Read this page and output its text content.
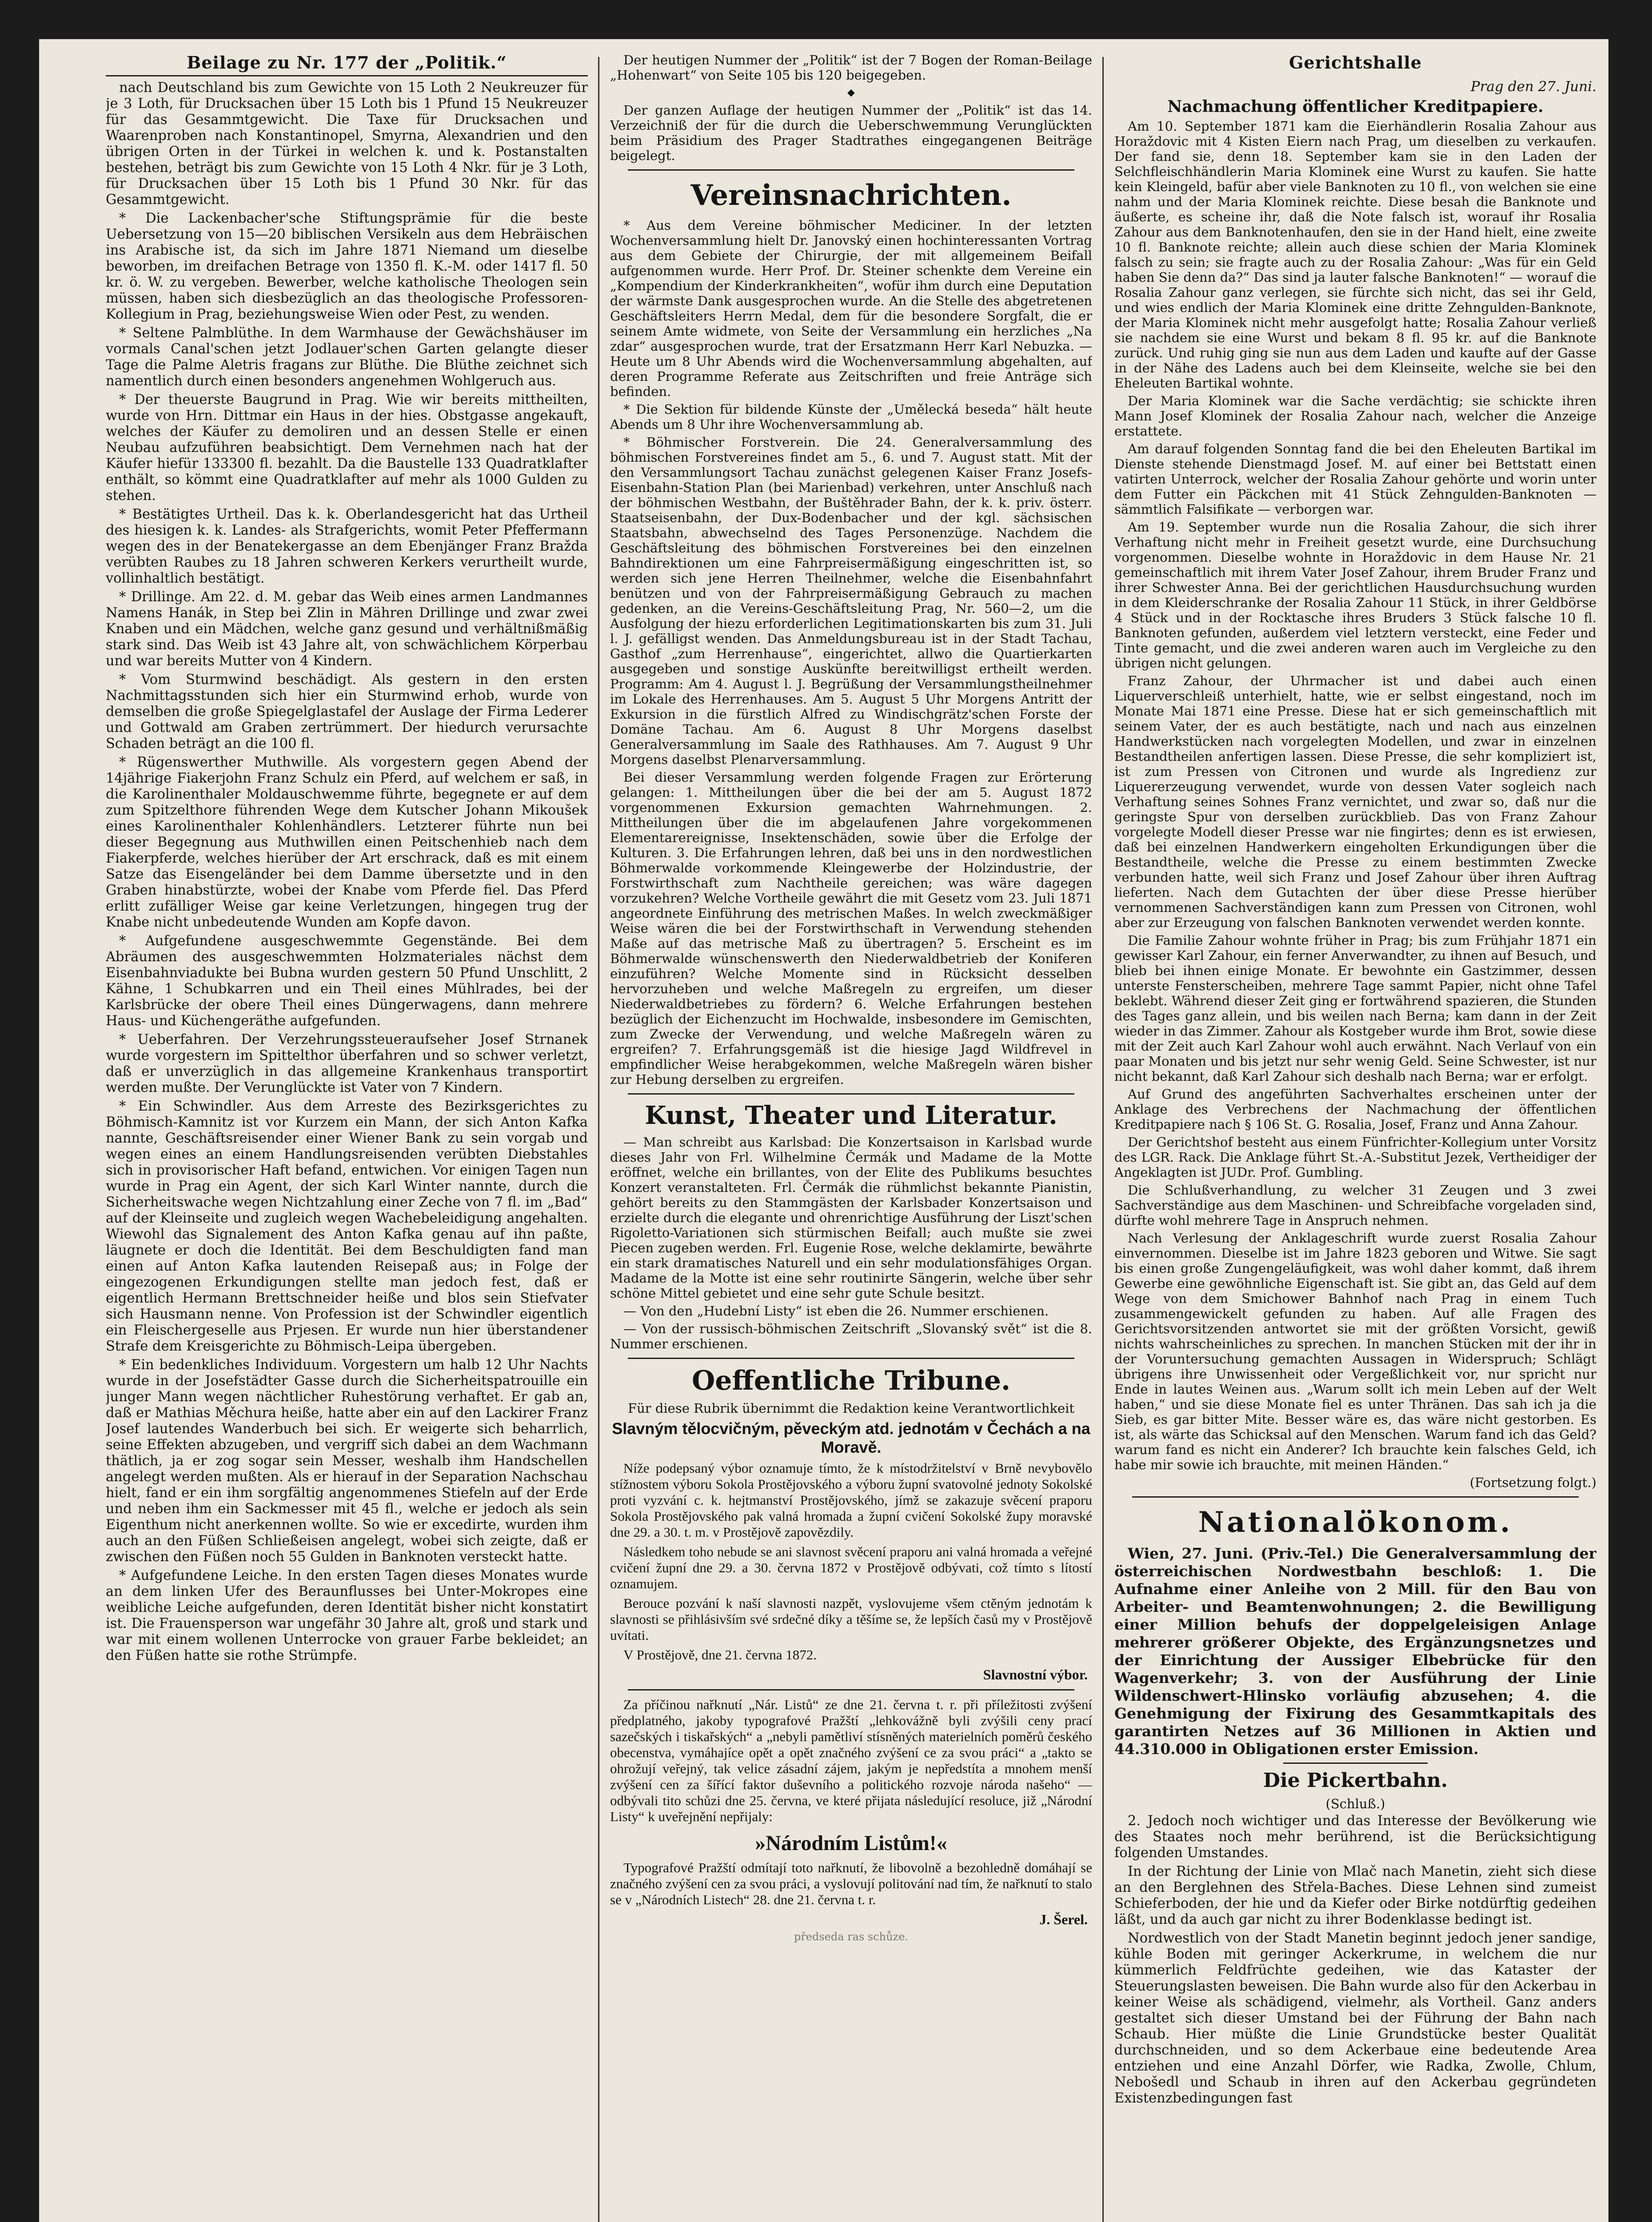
Beilage zu Nr. 177 der „Politik.“

nach Deutschland bis zum Gewichte von 15 Loth 2 Neukreuzer für je 3 Loth, für Drucksachen über 15 Loth bis 1 Pfund 15 Neukreuzer für das Gesammtgewicht. Die Taxe für Drucksachen und Waarenproben nach Konstantinopel, Smyrna, Alexandrien und den übrigen Orten in der Türkei in welchen k. und k. Postanstalten bestehen, beträgt bis zum Gewichte von 15 Loth 4 Nkr. für je 3 Loth, für Drucksachen über 15 Loth bis 1 Pfund 30 Nkr. für das Gesammtgewicht.

* Die Lackenbacher'sche Stiftungsprämie für die beste Uebersetzung von 15—20 biblischen Versikeln aus dem Hebräischen ins Arabische ist, da sich im Jahre 1871 Niemand um dieselbe beworben, im dreifachen Betrage von 1350 fl. K.-M. oder 1417 fl. 50 kr. ö. W. zu vergeben. Bewerber, welche katholische Theologen sein müssen, haben sich diesbezüglich an das theologische Professoren-Kollegium in Prag, beziehungsweise Wien oder Pest, zu wenden.

* Seltene Palmblüthe. In dem Warmhause der Gewächshäuser im vormals Canal'schen jetzt Jodlauer'schen Garten gelangte dieser Tage die Palme Aletris fragans zur Blüthe. Die Blüthe zeichnet sich namentlich durch einen besonders angenehmen Wohlgeruch aus.

* Der theuerste Baugrund in Prag. Wie wir bereits mittheilten, wurde von Hrn. Dittmar ein Haus in der hies. Obstgasse angekauft, welches der Käufer zu demoliren und an dessen Stelle er einen Neubau aufzuführen beabsichtigt. Dem Vernehmen nach hat der Käufer hiefür 133300 fl. bezahlt. Da die Baustelle 133 Quadratklafter enthält, so kömmt eine Quadratklafter auf mehr als 1000 Gulden zu stehen.

* Bestätigtes Urtheil. Das k. k. Oberlandesgericht hat das Urtheil des hiesigen k. k. Landes- als Strafgerichts, womit Peter Pfeffermann wegen des in der Benatekergasse an dem Ebenjänger Franz Bražda verübten Raubes zu 18 Jahren schweren Kerkers verurtheilt wurde, vollinhaltlich bestätigt.

* Drillinge. Am 22. d. M. gebar das Weib eines armen Landmannes Namens Hanák, in Step bei Zlin in Mähren Drillinge und zwar zwei Knaben und ein Mädchen, welche ganz gesund und verhältnißmäßig stark sind. Das Weib ist 43 Jahre alt, von schwächlichem Körperbau und war bereits Mutter von 4 Kindern.

* Vom Sturmwind beschädigt. Als gestern in den ersten Nachmittagsstunden sich hier ein Sturmwind erhob, wurde von demselben die große Spiegelglastafel der Auslage der Firma Lederer und Gottwald am Graben zertrümmert. Der hiedurch verursachte Schaden beträgt an die 100 fl.

* Rügenswerther Muthwille. Als vorgestern gegen Abend der 14jährige Fiakerjohn Franz Schulz ein Pferd, auf welchem er saß, in die Karolinenthaler Moldauschwemme führte, begegnete er auf dem zum Spitzelthore führenden Wege dem Kutscher Johann Mikoušek eines Karolinenthaler Kohlenhändlers. Letzterer führte nun bei dieser Begegnung aus Muthwillen einen Peitschenhieb nach dem Fiakerpferde, welches hierüber der Art erschrack, daß es mit einem Satze das Eisengeländer bei dem Damme übersetzte und in den Graben hinabstürzte, wobei der Knabe vom Pferde fiel. Das Pferd erlitt zufälliger Weise gar keine Verletzungen, hingegen trug der Knabe nicht unbedeutende Wunden am Kopfe davon.

* Aufgefundene ausgeschwemmte Gegenstände. Bei dem Abräumen des ausgeschwemmten Holzmateriales nächst dem Eisenbahnviadukte bei Bubna wurden gestern 50 Pfund Unschlitt, 2 Kähne, 1 Schubkarren und ein Theil eines Mühlrades, bei der Karlsbrücke der obere Theil eines Düngerwagens, dann mehrere Haus- und Küchengeräthe aufgefunden.

* Ueberfahren. Der Verzehrungssteueraufseher Josef Strnanek wurde vorgestern im Spittelthor überfahren und so schwer verletzt, daß er unverzüglich in das allgemeine Krankenhaus transportirt werden mußte. Der Verunglückte ist Vater von 7 Kindern.

* Ein Schwindler. Aus dem Arreste des Bezirksgerichtes zu Böhmisch-Kamnitz ist vor Kurzem ein Mann, der sich Anton Kafka nannte, Geschäftsreisender einer Wiener Bank zu sein vorgab und wegen eines an einem Handlungsreisenden verübten Diebstahles sich in provisorischer Haft befand, entwichen. Vor einigen Tagen nun wurde in Prag ein Agent, der sich Karl Winter nannte, durch die Sicherheitswache wegen Nichtzahlung einer Zeche von 7 fl. im „Bad“ auf der Kleinseite und zugleich wegen Wachebeleidigung angehalten. Wiewohl das Signalement des Anton Kafka genau auf ihn paßte, läugnete er doch die Identität. Bei dem Beschuldigten fand man einen auf Anton Kafka lautenden Reisepaß aus; in Folge der eingezogenen Erkundigungen stellte man jedoch fest, daß er eigentlich Hermann Brettschneider heiße und blos sein Stiefvater sich Hausmann nenne. Von Profession ist der Schwindler eigentlich ein Fleischergeselle aus Prjesen. Er wurde nun hier überstandener Strafe dem Kreisgerichte zu Böhmisch-Leipa übergeben.

* Ein bedenkliches Individuum. Vorgestern um halb 12 Uhr Nachts wurde in der Josefstädter Gasse durch die Sicherheitspatrouille ein junger Mann wegen nächtlicher Ruhestörung verhaftet. Er gab an, daß er Mathias Měchura heiße, hatte aber ein auf den Lackirer Franz Josef lautendes Wanderbuch bei sich. Er weigerte sich beharrlich, seine Effekten abzugeben, und vergriff sich dabei an dem Wachmann thätlich, ja er zog sogar sein Messer, weshalb ihm Handschellen angelegt werden mußten. Als er hierauf in der Separation Nachschau hielt, fand er ein ihm sorgfältig angenommenes Stiefeln auf der Erde und neben ihm ein Sackmesser mit 45 fl., welche er jedoch als sein Eigenthum nicht anerkennen wollte. So wie er excedirte, wurden ihm auch an den Füßen Schließeisen angelegt, wobei sich zeigte, daß er zwischen den Füßen noch 55 Gulden in Banknoten versteckt hatte.

* Aufgefundene Leiche. In den ersten Tagen dieses Monates wurde an dem linken Ufer des Beraunflusses bei Unter-Mokropes eine weibliche Leiche aufgefunden, deren Identität bisher nicht konstatirt ist. Die Frauensperson war ungefähr 30 Jahre alt, groß und stark und war mit einem wollenen Unterrocke von grauer Farbe bekleidet; an den Füßen hatte sie rothe Strümpfe.

Der heutigen Nummer der „Politik“ ist der 7 Bogen der Roman-Beilage „Hohenwart“ von Seite 105 bis 120 beigegeben.

◆

Der ganzen Auflage der heutigen Nummer der „Politik“ ist das 14. Verzeichniß der für die durch die Ueberschwemmung Verunglückten beim Präsidium des Prager Stadtrathes eingegangenen Beiträge beigelegt.

Vereinsnachrichten.

* Aus dem Vereine böhmischer Mediciner. In der letzten Wochenversammlung hielt Dr. Janovský einen hochinteressanten Vortrag aus dem Gebiete der Chirurgie, der mit allgemeinem Beifall aufgenommen wurde. Herr Prof. Dr. Steiner schenkte dem Vereine ein „Kompendium der Kinderkrankheiten“, wofür ihm durch eine Deputation der wärmste Dank ausgesprochen wurde. An die Stelle des abgetretenen Geschäftsleiters Herrn Medal, dem für die besondere Sorgfalt, die er seinem Amte widmete, von Seite der Versammlung ein herzliches „Na zdar“ ausgesprochen wurde, trat der Ersatzmann Herr Karl Nebuzka. — Heute um 8 Uhr Abends wird die Wochenversammlung abgehalten, auf deren Programme Referate aus Zeitschriften und freie Anträge sich befinden.

* Die Sektion für bildende Künste der „Umělecká beseda“ hält heute Abends um 8 Uhr ihre Wochenversammlung ab.

* Böhmischer Forstverein. Die 24. Generalversammlung des böhmischen Forstvereines findet am 5., 6. und 7. August statt. Mit der den Versammlungsort Tachau zunächst gelegenen Kaiser Franz Josefs-Eisenbahn-Station Plan (bei Marienbad) verkehren, unter Anschluß nach der böhmischen Westbahn, der Buštěhrader Bahn, der k. k. priv. österr. Staatseisenbahn, der Dux-Bodenbacher und der kgl. sächsischen Staatsbahn, abwechselnd des Tages Personenzüge. Nachdem die Geschäftsleitung des böhmischen Forstvereines bei den einzelnen Bahndirektionen um eine Fahrpreisermäßigung eingeschritten ist, so werden sich jene Herren Theilnehmer, welche die Eisenbahnfahrt benützen und von der Fahrpreisermäßigung Gebrauch zu machen gedenken, an die Vereins-Geschäftsleitung Prag, Nr. 560—2, um die Ausfolgung der hiezu erforderlichen Legitimationskarten bis zum 31. Juli l. J. gefälligst wenden. Das Anmeldungsbureau ist in der Stadt Tachau, Gasthof „zum Herrenhause“, eingerichtet, allwo die Quartierkarten ausgegeben und sonstige Auskünfte bereitwilligst ertheilt werden. Programm: Am 4. August l. J. Begrüßung der Versammlungstheilnehmer im Lokale des Herrenhauses. Am 5. August 5 Uhr Morgens Antritt der Exkursion in die fürstlich Alfred zu Windischgrätz'schen Forste der Domäne Tachau. Am 6. August 8 Uhr Morgens daselbst Generalversammlung im Saale des Rathhauses. Am 7. August 9 Uhr Morgens daselbst Plenarversammlung.

Bei dieser Versammlung werden folgende Fragen zur Erörterung gelangen: 1. Mittheilungen über die bei der am 5. August 1872 vorgenommenen Exkursion gemachten Wahrnehmungen. 2. Mittheilungen über die im abgelaufenen Jahre vorgekommenen Elementarereignisse, Insektenschäden, sowie über die Erfolge der Kulturen. 3. Die Erfahrungen lehren, daß bei uns in den nordwestlichen Böhmerwalde vorkommende Kleingewerbe der Holzindustrie, der Forstwirthschaft zum Nachtheile gereichen; was wäre dagegen vorzukehren? Welche Vortheile gewährt die mit Gesetz vom 23. Juli 1871 angeordnete Einführung des metrischen Maßes. In welch zweckmäßiger Weise wären die bei der Forstwirthschaft in Verwendung stehenden Maße auf das metrische Maß zu übertragen? 5. Erscheint es im Böhmerwalde wünschenswerth den Niederwaldbetrieb der Koniferen einzuführen? Welche Momente sind in Rücksicht desselben hervorzuheben und welche Maßregeln zu ergreifen, um dieser Niederwaldbetriebes zu fördern? 6. Welche Erfahrungen bestehen bezüglich der Eichenzucht im Hochwalde, insbesondere im Gemischten, zum Zwecke der Verwendung, und welche Maßregeln wären zu ergreifen? 7. Erfahrungsgemäß ist die hiesige Jagd Wildfrevel in empfindlicher Weise herabgekommen, welche Maßregeln wären bisher zur Hebung derselben zu ergreifen.

Kunst, Theater und Literatur.

— Man schreibt aus Karlsbad: Die Konzertsaison in Karlsbad wurde dieses Jahr von Frl. Wilhelmine Čermák und Madame de la Motte eröffnet, welche ein brillantes, von der Elite des Publikums besuchtes Konzert veranstalteten. Frl. Čermák die rühmlichst bekannte Pianistin, gehört bereits zu den Stammgästen der Karlsbader Konzertsaison und erzielte durch die elegante und ohrenrichtige Ausführung der Liszt'schen Rigoletto-Variationen sich stürmischen Beifall; auch mußte sie zwei Piecen zugeben werden. Frl. Eugenie Rose, welche deklamirte, bewährte ein stark dramatisches Naturell und ein sehr modulationsfähiges Organ. Madame de la Motte ist eine sehr routinirte Sängerin, welche über sehr schöne Mittel gebietet und eine sehr gute Schule besitzt.

— Von den „Hudební Listy“ ist eben die 26. Nummer erschienen.

— Von der russisch-böhmischen Zeitschrift „Slovanský svět“ ist die 8. Nummer erschienen.

Oeffentliche Tribune.
Für diese Rubrik übernimmt die Redaktion keine Verantwortlichkeit
Slavným tělocvičným, pěveckým atd. jednotám v Čechách a na Moravě.

Níže podepsaný výbor oznamuje tímto, že k místodržitelství v Brně nevybovělo stížnostem výboru Sokola Prostějovského a výboru župní svatovolné jednoty Sokolské proti vyzvání c. k. hejtmanství Prostějovského, jímž se zakazuje svěcení praporu Sokola Prostějovského pak valná hromada a župní cvičení Sokolské župy moravské dne 29. a 30. t. m. v Prostějově zapovězdily.

Následkem toho nebude se ani slavnost svěcení praporu ani valná hromada a veřejné cvičení župní dne 29. a 30. června 1872 v Prostějově odbývati, což tímto s lítostí oznamujem.

Berouce pozvání k naší slavnosti nazpět, vyslovujeme všem ctěným jednotám k slavnosti se přihlásivším své srdečné díky a těšíme se, že lepších časů my v Prostějově uvítati.

V Prostějově, dne 21. června 1872.

Slavnostní výbor.

Za příčinou nařknutí „Nár. Listů“ ze dne 21. června t. r. při příležitosti zvýšení předplatného, jakoby typografové Pražští „lehkovážně byli zvýšili ceny prací sazečských i tiskařských“ a „nebyli pamětliví stísněných materielních poměrů českého obecenstva, vymáhajíce opět a opět značného zvýšení ce za svou práci“ a „takto se ohrožují veřejný, tak velice zásadní zájem, jakým je nepředstíta a mnohem menší zvýšení cen za šířící faktor duševního a politického rozvoje národa našeho“ — odbývali tito schůzi dne 25. června, ve které přijata následující resoluce, již „Národní Listy“ k uveřejnění nepřijaly:

»Národním Listům!«

Typografové Pražští odmítají toto nařknutí, že libovolně a bezohledně domáhají se značného zvýšení cen za svou práci, a vyslovují politování nad tím, že nařknutí to stalo se v „Národních Listech“ 28. dne 21. června t. r.

J. Šerel.
předseda ras schůze.
Gerichtshalle
Prag den 27. Juni.
Nachmachung öffentlicher Kreditpapiere.

Am 10. September 1871 kam die Eierhändlerin Rosalia Zahour aus Horaždovic mit 4 Kisten Eiern nach Prag, um dieselben zu verkaufen. Der fand sie, denn 18. September kam sie in den Laden der Selchfleischhändlerin Maria Klominek eine Wurst zu kaufen. Sie hatte kein Kleingeld, bafür aber viele Banknoten zu 10 fl., von welchen sie eine nahm und der Maria Klominek reichte. Diese besah die Banknote und äußerte, es scheine ihr, daß die Note falsch ist, worauf ihr Rosalia Zahour aus dem Banknotenhaufen, den sie in der Hand hielt, eine zweite 10 fl. Banknote reichte; allein auch diese schien der Maria Klominek falsch zu sein; sie fragte auch zu der Rosalia Zahour: „Was für ein Geld haben Sie denn da?“ Das sind ja lauter falsche Banknoten!“ — worauf die Rosalia Zahour ganz verlegen, sie fürchte sich nicht, das sei ihr Geld, und wies endlich der Maria Klominek eine dritte Zehngulden-Banknote, der Maria Klominek nicht mehr ausgefolgt hatte; Rosalia Zahour verließ sie nachdem sie eine Wurst und bekam 8 fl. 95 kr. auf die Banknote zurück. Und ruhig ging sie nun aus dem Laden und kaufte auf der Gasse in der Nähe des Ladens auch bei dem Kleinseite, welche sie bei den Eheleuten Bartikal wohnte.

Der Maria Klominek war die Sache verdächtig; sie schickte ihren Mann Josef Klominek der Rosalia Zahour nach, welcher die Anzeige erstattete.

Am darauf folgenden Sonntag fand die bei den Eheleuten Bartikal im Dienste stehende Dienstmagd Josef. M. auf einer bei Bettstatt einen vatirten Unterrock, welcher der Rosalia Zahour gehörte und worin unter dem Futter ein Päckchen mit 41 Stück Zehngulden-Banknoten — sämmtlich Falsifikate — verborgen war.

Am 19. September wurde nun die Rosalia Zahour, die sich ihrer Verhaftung nicht mehr in Freiheit gesetzt wurde, eine Durchsuchung vorgenommen. Dieselbe wohnte in Horaždovic in dem Hause Nr. 21 gemeinschaftlich mit ihrem Vater Josef Zahour, ihrem Bruder Franz und ihrer Schwester Anna. Bei der gerichtlichen Hausdurchsuchung wurden in dem Kleiderschranke der Rosalia Zahour 11 Stück, in ihrer Geldbörse 4 Stück und in der Rocktasche ihres Bruders 3 Stück falsche 10 fl. Banknoten gefunden, außerdem viel letztern versteckt, eine Feder und Tinte gemacht, und die zwei anderen waren auch im Vergleiche zu den übrigen nicht gelungen.

Franz Zahour, der Uhrmacher ist und dabei auch einen Liquerverschleiß unterhielt, hatte, wie er selbst eingestand, noch im Monate Mai 1871 eine Presse. Diese hat er sich gemeinschaftlich mit seinem Vater, der es auch bestätigte, nach und nach aus einzelnen Handwerkstücken nach vorgelegten Modellen, und zwar in einzelnen Bestandtheilen anfertigen lassen. Diese Presse, die sehr kompliziert ist, ist zum Pressen von Citronen und wurde als Ingredienz zur Liquererzeugung verwendet, wurde von dessen Vater sogleich nach Verhaftung seines Sohnes Franz vernichtet, und zwar so, daß nur die geringste Spur von derselben zurückblieb. Das von Franz Zahour vorgelegte Modell dieser Presse war nie fingirtes; denn es ist erwiesen, daß bei einzelnen Handwerkern eingeholten Erkundigungen über die Bestandtheile, welche die Presse zu einem bestimmten Zwecke verbunden hatte, weil sich Franz und Josef Zahour über ihren Auftrag lieferten. Nach dem Gutachten der über diese Presse hierüber vernommenen Sachverständigen kann zum Pressen von Citronen, wohl aber zur Erzeugung von falschen Banknoten verwendet werden konnte.

Die Familie Zahour wohnte früher in Prag; bis zum Frühjahr 1871 ein gewisser Karl Zahour, ein ferner Anverwandter, zu ihnen auf Besuch, und blieb bei ihnen einige Monate. Er bewohnte ein Gastzimmer, dessen unterste Fensterscheiben, mehrere Tage sammt Papier, nicht ohne Tafel beklebt. Während dieser Zeit ging er fortwährend spazieren, die Stunden des Tages ganz allein, und bis weilen nach Berna; kam dann in der Zeit wieder in das Zimmer. Zahour als Kostgeber wurde ihm Brot, sowie diese mit der Zeit auch Karl Zahour wohl auch erwähnt. Nach Verlauf von ein paar Monaten und bis jetzt nur sehr wenig Geld. Seine Schwester, ist nur nicht bekannt, daß Karl Zahour sich deshalb nach Berna; war er erfolgt.

Auf Grund des angeführten Sachverhaltes erscheinen unter der Anklage des Verbrechens der Nachmachung der öffentlichen Kreditpapiere nach § 106 St. G. Rosalia, Josef, Franz und Anna Zahour.

Der Gerichtshof besteht aus einem Fünfrichter-Kollegium unter Vorsitz des LGR. Rack. Die Anklage führt St.-A.-Substitut Jezek, Vertheidiger der Angeklagten ist JUDr. Prof. Gumbling.

Die Schlußverhandlung, zu welcher 31 Zeugen und 3 zwei Sachverständige aus dem Maschinen- und Schreibfache vorgeladen sind, dürfte wohl mehrere Tage in Anspruch nehmen.

Nach Verlesung der Anklageschrift wurde zuerst Rosalia Zahour einvernommen. Dieselbe ist im Jahre 1823 geboren und Witwe. Sie sagt bis einen große Zungengeläufigkeit, was wohl daher kommt, daß ihrem Gewerbe eine gewöhnliche Eigenschaft ist. Sie gibt an, das Geld auf dem Wege von dem Smichower Bahnhof nach Prag in einem Tuch zusammengewickelt gefunden zu haben. Auf alle Fragen des Gerichtsvorsitzenden antwortet sie mit der größten Vorsicht, gewiß nichts wahrscheinliches zu sprechen. In manchen Stücken mit der ihr in der Voruntersuchung gemachten Aussagen in Widerspruch; Schlägt übrigens ihre Unwissenheit oder Vergeßlichkeit vor, nur spricht nur Ende in lautes Weinen aus. „Warum sollt ich mein Leben auf der Welt haben,“ und sie diese Monate fiel es unter Thränen. Das sah ich ja die Sieb, es gar bitter Mite. Besser wäre es, das wäre nicht gestorben. Es ist, als wärte das Schicksal auf den Menschen. Warum fand ich das Geld? warum fand es nicht ein Anderer? Ich brauchte kein falsches Geld, ich habe mir sowie ich brauchte, mit meinen Händen.“

(Fortsetzung folgt.)
Nationalökonom.

Wien, 27. Juni. (Priv.-Tel.) Die Generalversammlung der österreichischen Nordwestbahn beschloß: 1. Die Aufnahme einer Anleihe von 2 Mill. für den Bau von Arbeiter- und Beamtenwohnungen; 2. die Bewilligung einer Million behufs der doppelgeleisigen Anlage mehrerer größerer Objekte, des Ergänzungsnetzes und der Einrichtung der Aussiger Elbebrücke für den Wagenverkehr; 3. von der Ausführung der Linie Wildenschwert-Hlinsko vorläufig abzusehen; 4. die Genehmigung der Fixirung des Gesammtkapitals des garantirten Netzes auf 36 Millionen in Aktien und 44.310.000 in Obligationen erster Emission.

Die Pickertbahn.
(Schluß.)

2. Jedoch noch wichtiger und das Interesse der Bevölkerung wie des Staates noch mehr berührend, ist die Berücksichtigung folgenden Umstandes.

In der Richtung der Linie von Mlač nach Manetin, zieht sich diese an den Berglehnen des Střela-Baches. Diese Lehnen sind zumeist Schieferboden, der hie und da Kiefer oder Birke notdürftig gedeihen läßt, und da auch gar nicht zu ihrer Bodenklasse bedingt ist.

Nordwestlich von der Stadt Manetin beginnt jedoch jener sandige, kühle Boden mit geringer Ackerkrume, in welchem die nur kümmerlich Feldfrüchte gedeihen, wie das Kataster der Steuerungslasten beweisen. Die Bahn wurde also für den Ackerbau in keiner Weise als schädigend, vielmehr, als Vortheil. Ganz anders gestaltet sich dieser Umstand bei der Führung der Bahn nach Schaub. Hier müßte die Linie Grundstücke bester Qualität durchschneiden, und so dem Ackerbaue eine bedeutende Area entziehen und eine Anzahl Dörfer, wie Radka, Zwolle, Chlum, Nebošedl und Schaub in ihren auf den Ackerbau gegründeten Existenzbedingungen fast
